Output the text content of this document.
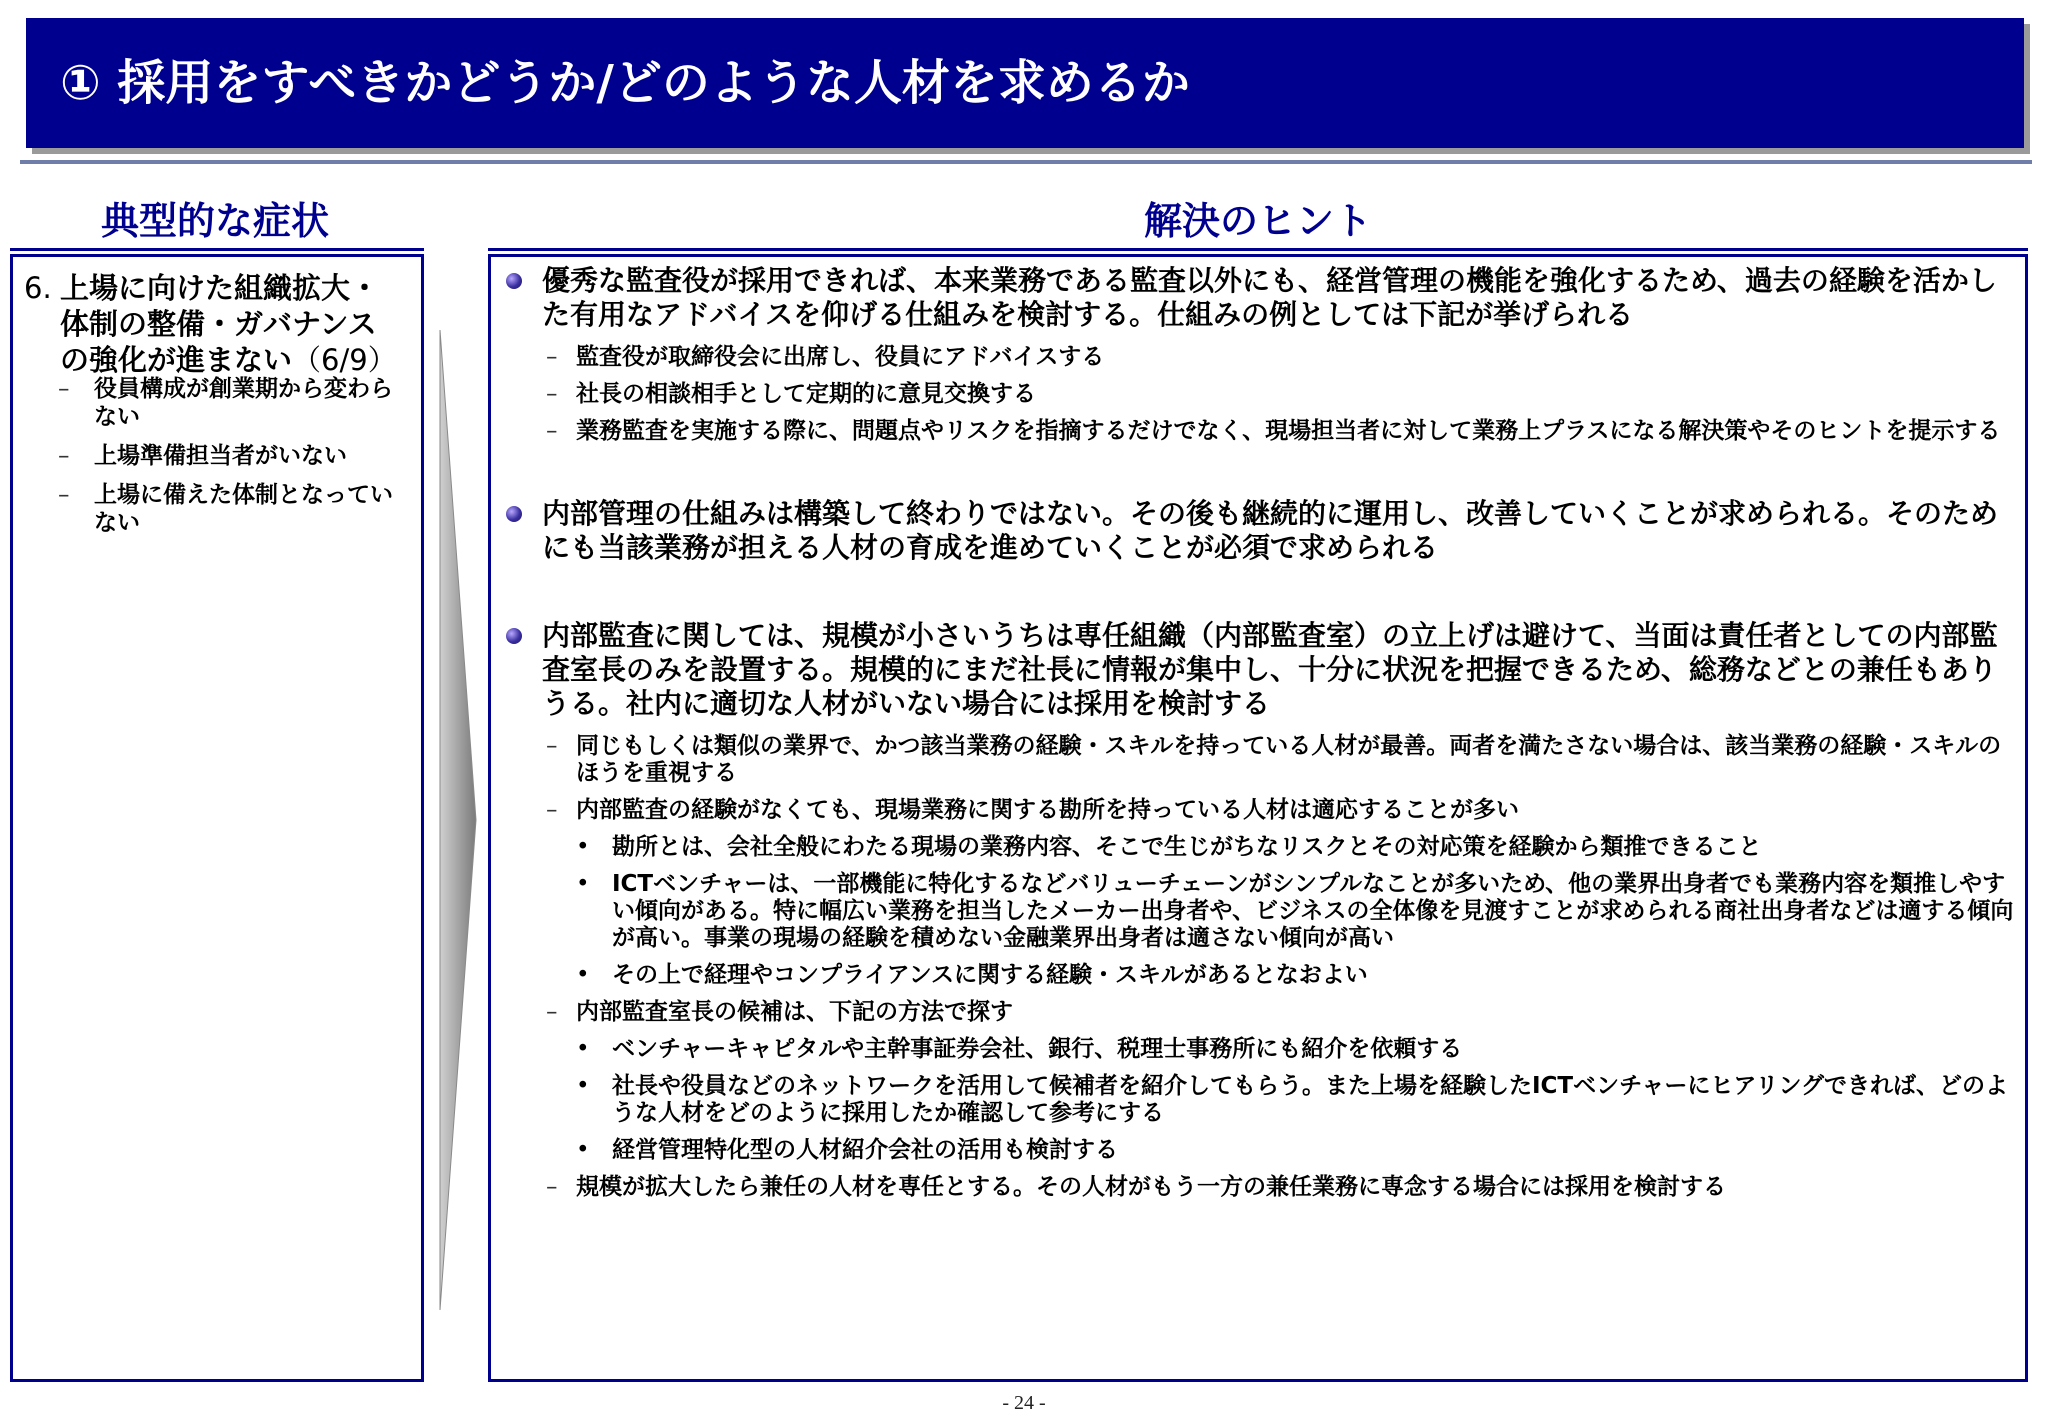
① 採用をすべきかどうか/どのような人材を求めるか
典型的な症状	解決のヒント
6. 上場に向けた組織拡大・体制の整備・ガバナンスの強化が進まない（6/9）
– 役員構成が創業期から変わらない
– 上場準備担当者がいない
– 上場に備えた体制となっていない
優秀な監査役が採用できれば、本来業務である監査以外にも、経営管理の機能を強化するため、過去の経験を活かした有用なアドバイスを仰げる仕組みを検討する。仕組みの例としては下記が挙げられる
– 監査役が取締役会に出席し、役員にアドバイスする
– 社長の相談相手として定期的に意見交換する
– 業務監査を実施する際に、問題点やリスクを指摘するだけでなく、現場担当者に対して業務上プラスになる解決策やそのヒントを提示する
内部管理の仕組みは構築して終わりではない。その後も継続的に運用し、改善していくことが求められる。そのためにも当該業務が担える人材の育成を進めていくことが必須で求められる
内部監査に関しては、規模が小さいうちは専任組織（内部監査室）の立上げは避けて、当面は責任者としての内部監査室長のみを設置する。規模的にまだ社長に情報が集中し、十分に状況を把握できるため、総務などとの兼任もありうる。社内に適切な人材がいない場合には採用を検討する
– 同じもしくは類似の業界で、かつ該当業務の経験・スキルを持っている人材が最善。両者を満たさない場合は、該当業務の経験・スキルのほうを重視する
– 内部監査の経験がなくても、現場業務に関する勘所を持っている人材は適応することが多い
• 勘所とは、会社全般にわたる現場の業務内容、そこで生じがちなリスクとその対応策を経験から類推できること
• ICTベンチャーは、一部機能に特化するなどバリューチェーンがシンプルなことが多いため、他の業界出身者でも業務内容を類推しやすい傾向がある。特に幅広い業務を担当したメーカー出身者や、ビジネスの全体像を見渡すことが求められる商社出身者などは適する傾向が高い。事業の現場の経験を積めない金融業界出身者は適さない傾向が高い
• その上で経理やコンプライアンスに関する経験・スキルがあるとなおよい
– 内部監査室長の候補は、下記の方法で探す
• ベンチャーキャピタルや主幹事証券会社、銀行、税理士事務所にも紹介を依頼する
• 社長や役員などのネットワークを活用して候補者を紹介してもらう。また上場を経験したICTベンチャーにヒアリングできれば、どのような人材をどのように採用したか確認して参考にする
• 経営管理特化型の人材紹介会社の活用も検討する
– 規模が拡大したら兼任の人材を専任とする。その人材がもう一方の兼任業務に専念する場合には採用を検討する
- 24 -
